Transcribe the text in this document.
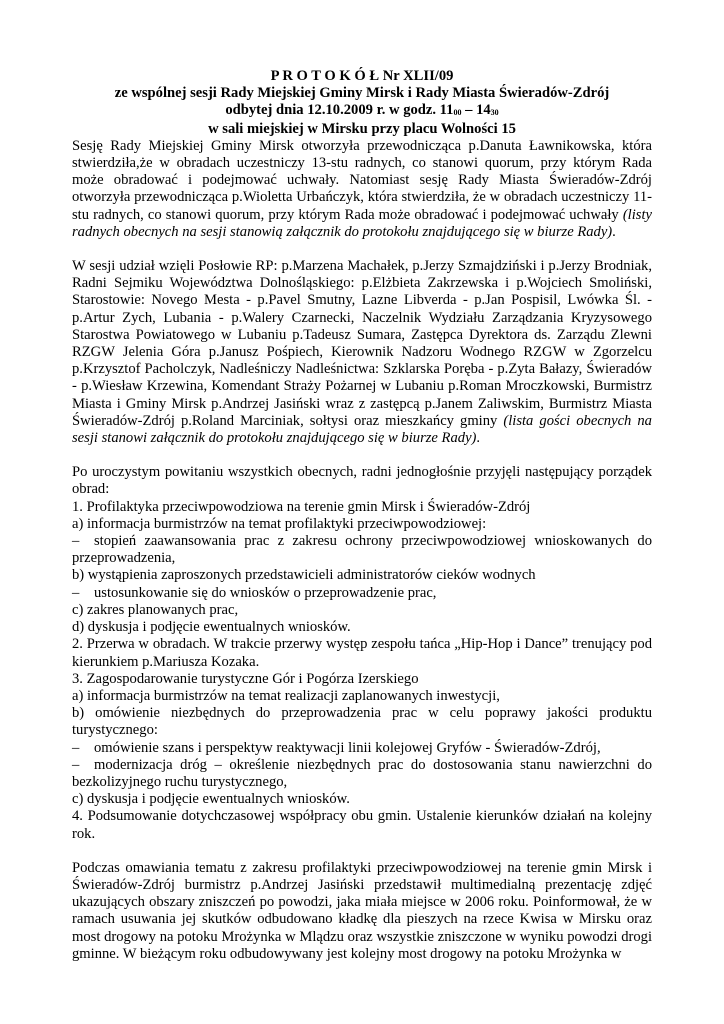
P R O T O K Ó Ł Nr XLII/09

ze wspólnej sesji Rady Miejskiej Gminy Mirsk i Rady Miasta Świeradów-Zdrój

odbytej dnia 12.10.2009 r. w godz. $11_{00} - 14_{30}$

w sali miejskiej w Mirsku przy placu Wolności 15

Sesję Rady Miejskiej Gminy Mirsk otworzyła przewodnicząca p.Danuta Ławnikowska, która stwierdziła,że w obradach uczestniczy 13-stu radnych, co stanowi quorum, przy którym Rada może obradować i podejmować uchwały. Natomiast sesję Rady Miasta Świeradów-Zdrój otworzyła przewodnicząca p.Wioletta Urbańczyk, która stwierdziła, że w obradach uczestniczy 11-stu radnych, co stanowi quorum, przy którym Rada może obradować i podejmować uchwały (listy radnych obecnych na sesji stanowią załącznik do protokołu znajdującego się w biurze Rady).

W sesji udział wzięli Posłowie RP: p.Marzena Machałek, p.Jerzy Szmajdziński i p.Jerzy Brodniak, Radni Sejmiku Województwa Dolnośląskiego: p.Elżbieta Zakrzewska i p.Wojciech Smoliński, Starostowie: Novego Mesta - p.Pavel Smutny, Lazne Libverda - p.Jan Pospisil, Lwówka Śl. - p.Artur Zych, Lubania - p.Walery Czarnecki, Naczelnik Wydziału Zarządzania Kryzysowego Starostwa Powiatowego w Lubaniu p.Tadeusz Sumara, Zastępca Dyrektora ds. Zarządu Zlewni RZGW Jelenia Góra p.Janusz Pośpiech, Kierownik Nadzoru Wodnego RZGW w Zgorzelcu p.Krzysztof Pacholczyk, Nadleśniczy Nadleśnictwa: Szklarska Poręba - p.Zyta Bałazy, Świeradów - p.Wiesław Krzewina, Komendant Straży Pożarnej w Lubaniu p.Roman Mroczkowski, Burmistrz Miasta i Gminy Mirsk p.Andrzej Jasiński wraz z zastępcą p.Janem Zaliwskim, Burmistrz Miasta Świeradów-Zdrój p.Roland Marciniak, sołtysi oraz mieszkańcy gminy (lista gości obecnych na sesji stanowi załącznik do protokołu znajdującego się w biurze Rady).

Po uroczystym powitaniu wszystkich obecnych, radni jednogłośnie przyjęli następujący porządek obrad:

1. Profilaktyka przeciwpowodziowa na terenie gmin Mirsk i Świeradów-Zdrój

a) informacja burmistrzów na temat profilaktyki przeciwpowodziowej:

– stopień zaawansowania prac z zakresu ochrony przeciwpowodziowej wnioskowanych do przeprowadzenia,

b) wystąpienia zaproszonych przedstawicieli administratorów cieków wodnych

– ustosunkowanie się do wniosków o przeprowadzenie prac,

c) zakres planowanych prac,

d) dyskusja i podjęcie ewentualnych wniosków.

2. Przerwa w obradach. W trakcie przerwy występ zespołu tańca „Hip-Hop i Dance” trenujący pod kierunkiem p.Mariusza Kozaka.

3. Zagospodarowanie turystyczne Gór i Pogórza Izerskiego

a) informacja burmistrzów na temat realizacji zaplanowanych inwestycji,

b) omówienie niezbędnych do przeprowadzenia prac w celu poprawy jakości produktu turystycznego:

– omówienie szans i perspektyw reaktywacji linii kolejowej Gryfów - Świeradów-Zdrój,

– modernizacja dróg – określenie niezbędnych prac do dostosowania stanu nawierzchni do bezkolizyjnego ruchu turystycznego,

c) dyskusja i podjęcie ewentualnych wniosków.

4. Podsumowanie dotychczasowej współpracy obu gmin. Ustalenie kierunków działań na kolejny rok.

Podczas omawiania tematu z zakresu profilaktyki przeciwpowodziowej na terenie gmin Mirsk i Świeradów-Zdrój burmistrz p.Andrzej Jasiński przedstawił multimedialną prezentację zdjęć ukazujących obszary zniszczeń po powodzi, jaka miała miejsce w 2006 roku. Poinformował, że w ramach usuwania jej skutków odbudowano kładkę dla pieszych na rzece Kwisa w Mirsku oraz most drogowy na potoku Mrożynka w Mlądzu oraz wszystkie zniszczone w wyniku powodzi drogi gminne. W bieżącym roku odbudowywany jest kolejny most drogowy na potoku Mrożynka w
